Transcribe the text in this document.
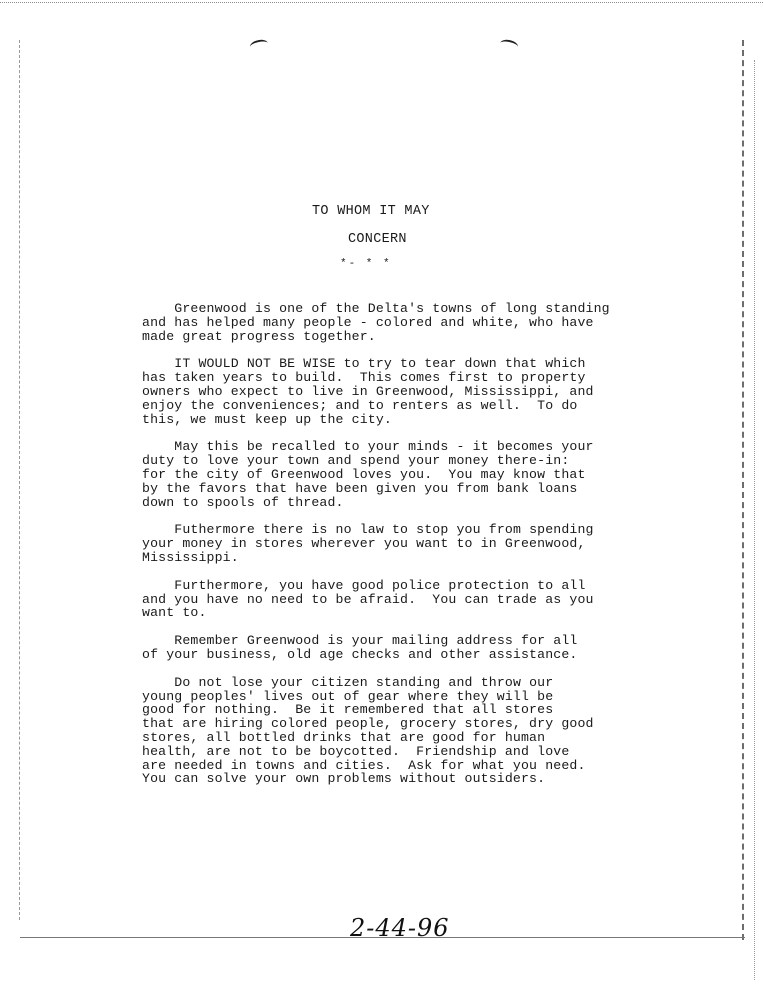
TO WHOM IT MAY
CONCERN
*- * *

Greenwood is one of the Delta's towns of long standing
and has helped many people - colored and white, who have
made great progress together.

IT WOULD NOT BE WISE to try to tear down that which
has taken years to build.  This comes first to property
owners who expect to live in Greenwood, Mississippi, and
enjoy the conveniences; and to renters as well.  To do
this, we must keep up the city.

May this be recalled to your minds - it becomes your
duty to love your town and spend your money there-in:
for the city of Greenwood loves you.  You may know that
by the favors that have been given you from bank loans
down to spools of thread.

Futhermore there is no law to stop you from spending
your money in stores wherever you want to in Greenwood,
Mississippi.

Furthermore, you have good police protection to all
and you have no need to be afraid.  You can trade as you
want to.

Remember Greenwood is your mailing address for all
of your business, old age checks and other assistance.

Do not lose your citizen standing and throw our
young peoples' lives out of gear where they will be
good for nothing.  Be it remembered that all stores
that are hiring colored people, grocery stores, dry good
stores, all bottled drinks that are good for human
health, are not to be boycotted.  Friendship and love
are needed in towns and cities.  Ask for what you need.
You can solve your own problems without outsiders.

2-44-96
